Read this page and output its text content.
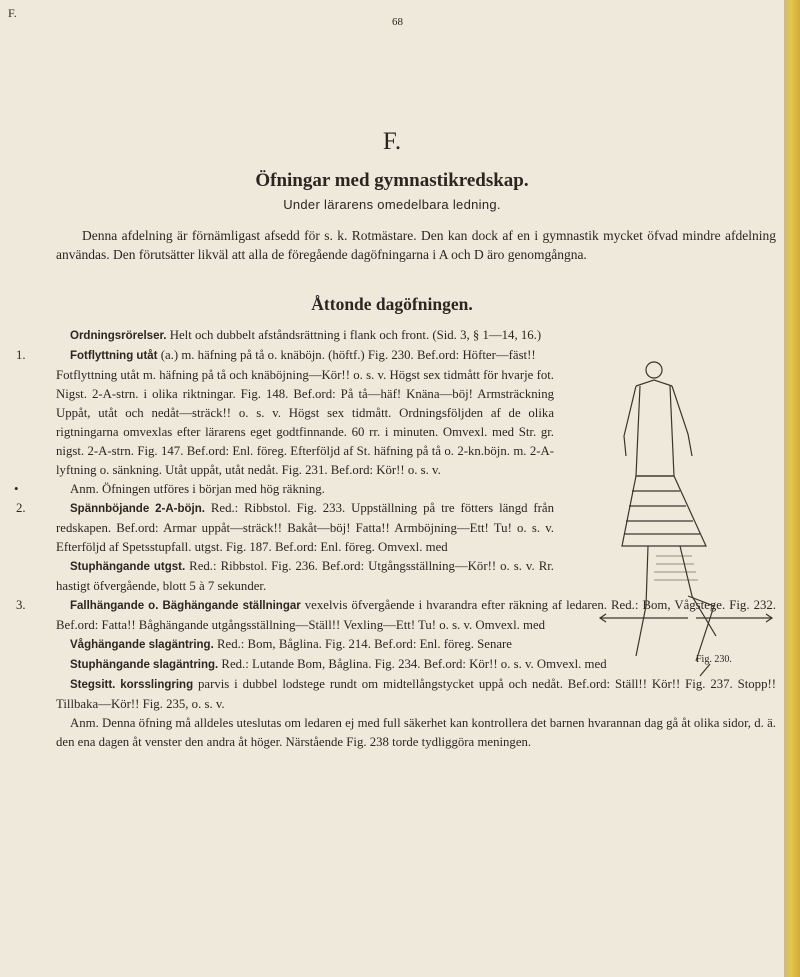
F.
68
F.
Öfningar med gymnastikredskap.
Under lärarens omedelbara ledning.
Denna afdelning är förnämligast afsedd för s. k. Rotmästare. Den kan dock af en i gymnastik mycket öfvad mindre afdelning användas. Den förutsätter likväl att alla de föregående dagöfningarna i A och D äro genomgångna.
Åttonde dagöfningen.

Ordningsrörelser. Helt och dubbelt afståndsrättning i flank och front. (Sid. 3, § 1—14, 16.)

1.	Fotflyttning utåt (a.) m. häfning på tå o. knäböjn. (höftf.) Fig. 230. Bef.ord: Höfter—fäst!!

Fotflyttning utåt m. häfning på tå och knäböjning—Kör!! o. s. v. Högst sex tidmått för hvarje fot. Nigst. 2-A-strn. i olika riktningar. Fig. 148. Bef.ord: På tå—häf! Knäna—böj! Armsträckning Uppåt, utåt och nedåt—sträck!! o. s. v. Högst sex tidmått. Ordningsföljden af de olika rigtningarna omvexlas efter lärarens eget godtfinnande. 60 rr. i minuten. Omvexl. med Str. gr. nigst. 2-A-strn. Fig. 147. Bef.ord: Enl. föreg. Efterföljd af St. häfning på tå o. 2-kn.böjn. m. 2-A-lyftning o. sänkning. Utåt uppåt, utåt nedåt. Fig. 231. Bef.ord: Kör!! o. s. v.

•	Anm. Öfningen utföres i början med hög räkning.

2.	Spännböjande 2-A-böjn. Red.: Ribbstol. Fig. 233. Uppställning på tre fötters längd från redskapen. Bef.ord: Armar uppåt—sträck!! Bakåt—böj! Fatta!! Armböjning—Ett! Tu! o. s. v. Efterföljd af Spetsstupfall. utgst. Fig. 187. Bef.ord: Enl. föreg. Omvexl. med

Stuphängande utgst. Red.: Ribbstol. Fig. 236. Bef.ord: Utgångsställning—Kör!! o. s. v. Rr. hastigt öfvergående, blott 5 à 7 sekunder.

3.	Fallhängande o. Bäghängande ställningar vexelvis öfvergående i hvarandra efter räkning af ledaren. Red.: Bom, Vågstege. Fig. 232. Bef.ord: Fatta!! Båghängande utgångsställning—Ställ!! Vexling—Ett! Tu! o. s. v. Omvexl. med

Våghängande slagäntring. Red.: Bom, Båglina. Fig. 214. Bef.ord: Enl. föreg. Senare

Stuphängande slagäntring. Red.: Lutande Bom, Båglina. Fig. 234. Bef.ord: Kör!! o. s. v. Omvexl. med

Stegsitt. korsslingring parvis i dubbel lodstege rundt om midtellångstycket uppå och nedåt. Bef.ord: Ställ!! Kör!! Fig. 237. Stopp!! Tillbaka—Kör!! Fig. 235, o. s. v.

Anm. Denna öfning må alldeles uteslutas om ledaren ej med full säkerhet kan kontrollera det barnen hvarannan dag gå åt olika sidor, d. ä. den ena dagen åt venster den andra åt höger. Närstående Fig. 238 torde tydliggöra meningen.

Fig. 230.
